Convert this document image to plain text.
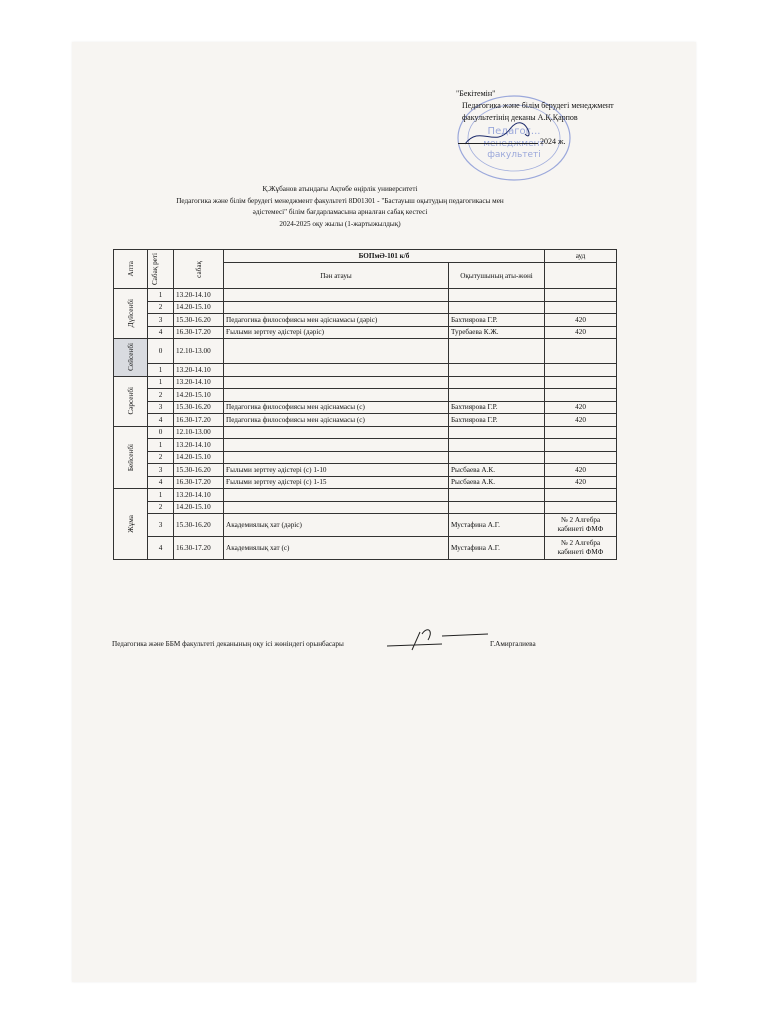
Педагог...
менеджмент
факультеті
"Бекітемін"
Педагогика және білім берудегі менеджмент
факультетінің деканы А.Қ.Қарпов
2024 ж.
Қ.Жұбанов атындағы Ақтөбе өңірлік университеті
Педагогика және білім берудегі менеджмент факультеті 8D01301 - "Бастауыш оқытудың педагогикасы мен
әдістемесі" білім бағдарламасына арналған сабақ кестесі
2024-2025 оқу жылы (1-жартыжылдық)
Апта	Сабақ реті	сабақ	БОПмӘ-101 к/б		ауд
			Пән атауы	Оқытушының аты-жөні	

Дүйсенбі	1	13.20-14.10			
	2	14.20-15.10			
	3	15.30-16.20	Педагогика философиясы мен әдіснамасы (дәріс)	Бахтиярова Г.Р.	420
	4	16.30-17.20	Ғылыми зерттеу әдістері (дәріс)	Туребаева К.Ж.	420

Сейсенбі	0	12.10-13.00			
	1	13.20-14.10			

Сәрсенбі	1	13.20-14.10			
	2	14.20-15.10			
	3	15.30-16.20	Педагогика философиясы мен әдіснамасы (с)	Бахтиярова Г.Р.	420
	4	16.30-17.20	Педагогика философиясы мен әдіснамасы (с)	Бахтиярова Г.Р.	420

Бейсенбі	0	12.10-13.00			
	1	13.20-14.10			
	2	14.20-15.10			
	3	15.30-16.20	Ғылыми зерттеу әдістері (с) 1-10	Рысбаева А.К.	420
	4	16.30-17.20	Ғылыми зерттеу әдістері (с) 1-15	Рысбаева А.К.	420

Жұма	1	13.20-14.10			
	2	14.20-15.10			
	3	15.30-16.20	Академиялық хат (дәріс)	Мустафина А.Г.	№ 2 Алгебра кабинеті ФМФ
	4	16.30-17.20	Академиялық хат (с)	Мустафина А.Г.	№ 2 Алгебра кабинеті ФМФ
Педагогика және ББМ факультеті деканының оқу ісі жөніндегі орынбасары	Г.Амиргалиева
